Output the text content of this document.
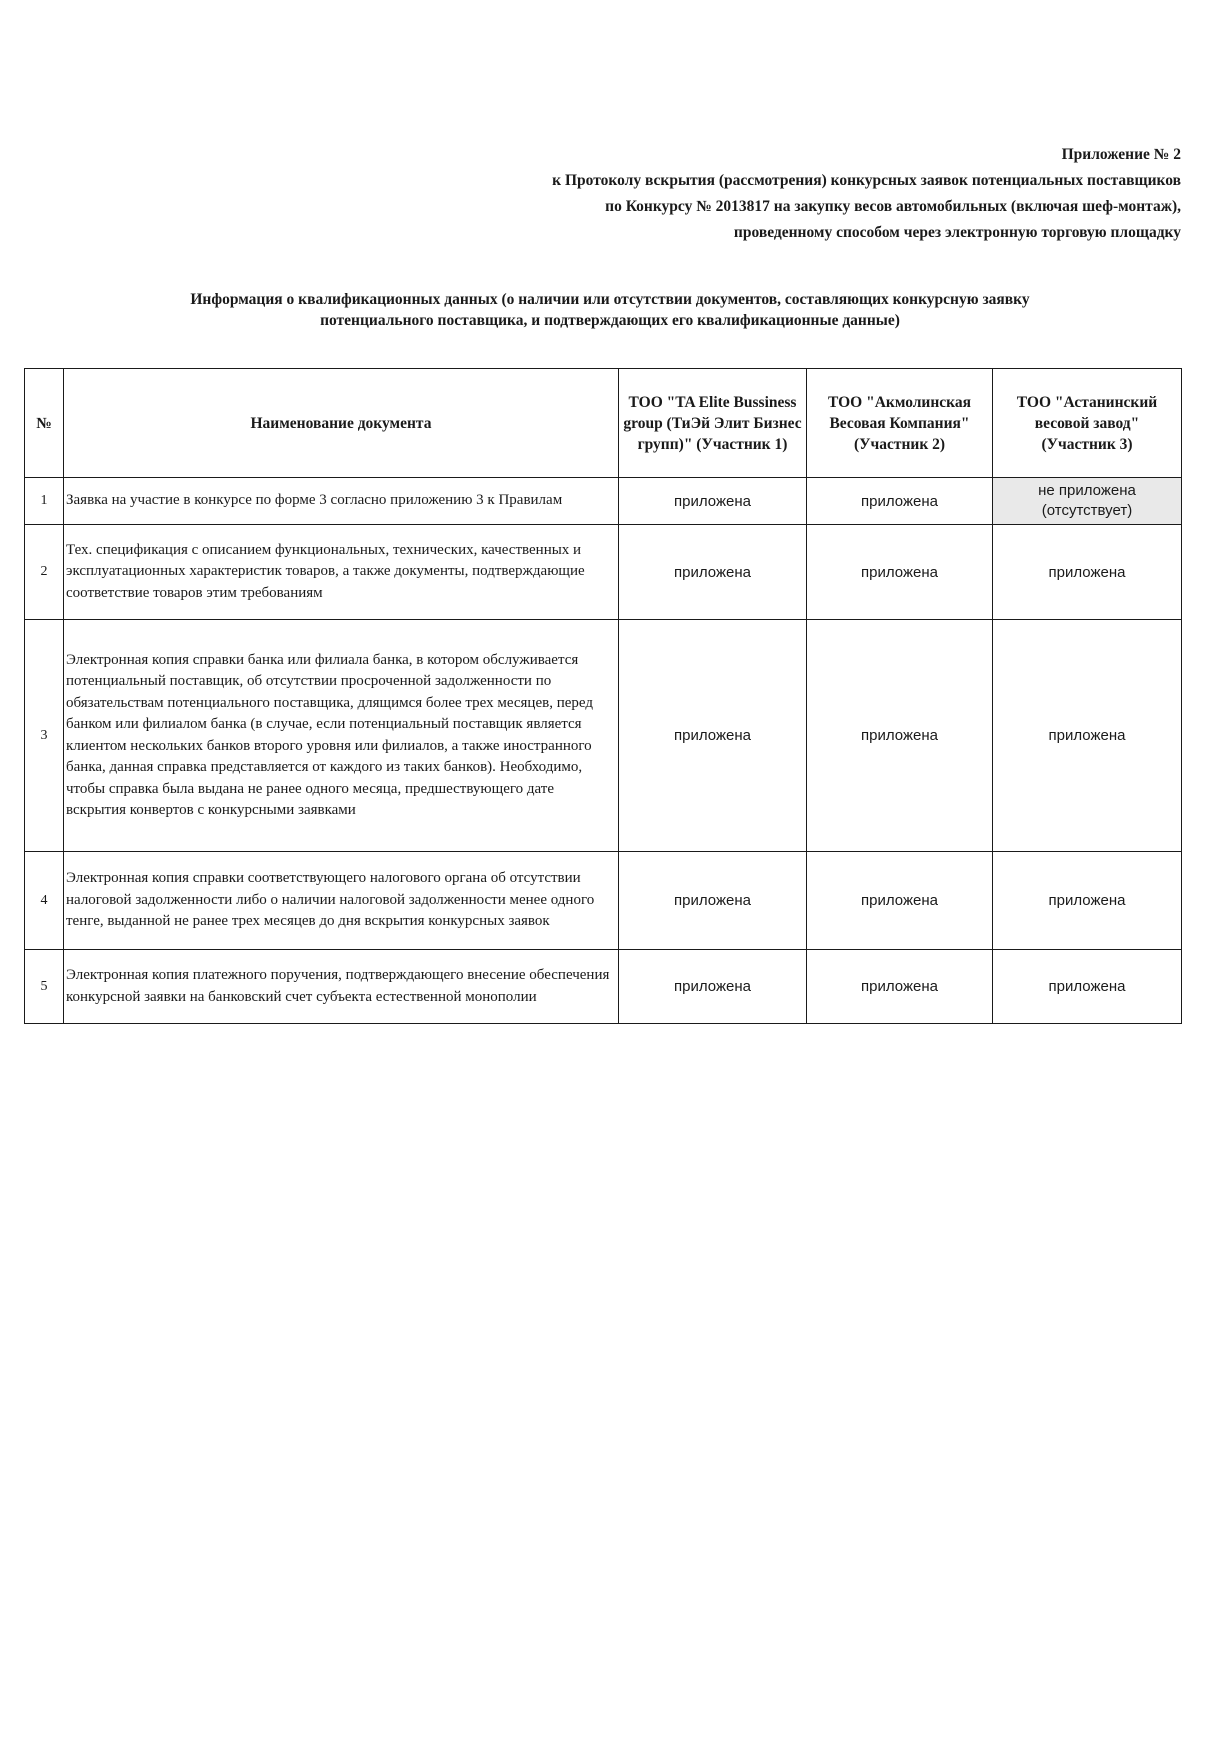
Приложение № 2
к Протоколу вскрытия (рассмотрения) конкурсных заявок потенциальных поставщиков
по Конкурсу № 2013817 на закупку весов автомобильных (включая шеф-монтаж),
проведенному способом через электронную торговую площадку
Информация о квалификационных данных (о наличии или отсутствии документов, составляющих конкурсную заявку
потенциального поставщика, и подтверждающих его квалификационные данные)
№	Наименование документа	ТОО "TA Elite Bussiness group (ТиЭй Элит Бизнес групп)" (Участник 1)	ТОО "Акмолинская Весовая Компания" (Участник 2)	ТОО "Астанинский весовой завод" (Участник 3)
1	Заявка на участие в конкурсе по форме 3 согласно приложению 3 к Правилам	приложена	приложена	не приложена (отсутствует)
2	Тех. спецификация с описанием функциональных, технических, качественных и эксплуатационных характеристик товаров, а также документы, подтверждающие соответствие товаров этим требованиям	приложена	приложена	приложена
3	Электронная копия справки банка или филиала банка, в котором обслуживается потенциальный поставщик, об отсутствии просроченной задолженности по обязательствам потенциального поставщика, длящимся более трех месяцев, перед банком или филиалом банка (в случае, если потенциальный поставщик является клиентом нескольких банков второго уровня или филиалов, а также иностранного банка, данная справка представляется от каждого из таких банков). Необходимо, чтобы справка была выдана не ранее одного месяца, предшествующего дате вскрытия конвертов с конкурсными заявками	приложена	приложена	приложена
4	Электронная копия справки соответствующего налогового органа об отсутствии налоговой задолженности либо о наличии налоговой задолженности менее одного тенге, выданной не ранее трех месяцев до дня вскрытия конкурсных заявок	приложена	приложена	приложена
5	Электронная копия платежного поручения, подтверждающего внесение обеспечения конкурсной заявки на банковский счет субъекта естественной монополии	приложена	приложена	приложена
